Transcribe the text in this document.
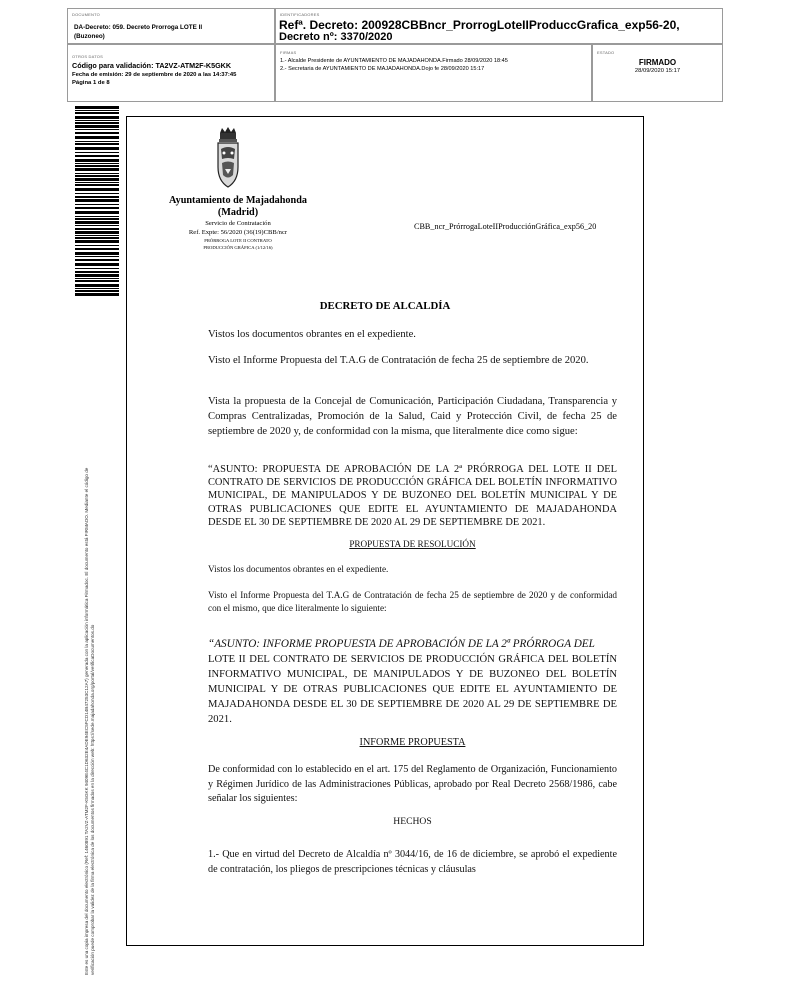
DOCUMENTO
DA-Decreto: 059. Decreto Prorroga LOTE II
(Buzoneo)
IDENTIFICADORES
Refª. Decreto: 200928CBBncr_ProrrogLoteIIProduccGrafica_exp56-20,
Decreto nº: 3370/2020
OTROS DATOS
Código para validación: TA2VZ-ATM2F-K5GKK
Fecha de emisión: 29 de septiembre de 2020 a las 14:37:45
Página 1 de 8
FIRMAS
1.- Alcalde Presidente de AYUNTAMIENTO DE MAJADAHONDA.Firmado 28/09/2020 18:45
2.- Secretaria de AYUNTAMIENTO DE MAJADAHONDA.Dojo fe 28/09/2020 15:17
ESTADO
FIRMADO
28/09/2020 15:17
Este es una copia impresa del documento electrónico (Ref: 1460891 TA2VZ-ATM2F-K5GKK 9409E4C1D632E4ADE94EC5FCD14B47253C12A7) generada con la aplicación informática Firmadoc. El documento está FIRMADO. Mediante el código de verificación puede comprobar la validez de la firma electrónica de los documentos firmados en la dirección web: https://sede.majadahonda.org/portal/verificaDocumentos.do
Ayuntamiento de Majadahonda
(Madrid)
Servicio de Contratación
Ref. Expte: 56/2020 (36(19)CBB/ncr
PRÓRROGA LOTE II CONTRATO
PRODUCCIÓN GRÁFICA (1/12/16)
CBB_ncr_PrórrogaLoteIIProducciónGráfica_exp56_20
DECRETO DE ALCALDÍA
Vistos los documentos obrantes en el expediente.
Visto el Informe Propuesta del T.A.G de Contratación de fecha 25 de septiembre de 2020.
Vista la propuesta de la Concejal de Comunicación, Participación Ciudadana, Transparencia y Compras Centralizadas, Promoción de la Salud, Caid y Protección Civil, de fecha 25 de septiembre de 2020 y, de conformidad con la misma, que literalmente dice como sigue:
“ASUNTO: PROPUESTA DE APROBACIÓN DE LA 2ª PRÓRROGA DEL LOTE II DEL CONTRATO DE SERVICIOS DE PRODUCCIÓN GRÁFICA DEL BOLETÍN INFORMATIVO MUNICIPAL, DE MANIPULADOS Y DE BUZONEO DEL BOLETÍN MUNICIPAL Y DE OTRAS PUBLICACIONES QUE EDITE EL AYUNTAMIENTO DE MAJADAHONDA DESDE EL 30 DE SEPTIEMBRE DE 2020 AL 29 DE SEPTIEMBRE DE 2021.
PROPUESTA DE RESOLUCIÓN
Vistos los documentos obrantes en el expediente.
Visto el Informe Propuesta del T.A.G de Contratación de fecha 25 de septiembre de 2020 y de conformidad con el mismo, que dice literalmente lo siguiente:
“ASUNTO: INFORME PROPUESTA DE APROBACIÓN DE LA 2ª PRÓRROGA DEL
LOTE II DEL CONTRATO DE SERVICIOS DE PRODUCCIÓN GRÁFICA DEL BOLETÍN INFORMATIVO MUNICIPAL, DE MANIPULADOS Y DE BUZONEO DEL BOLETÍN MUNICIPAL Y DE OTRAS PUBLICACIONES QUE EDITE EL AYUNTAMIENTO DE MAJADAHONDA DESDE EL 30 DE SEPTIEMBRE DE 2020 AL 29 DE SEPTIEMBRE DE 2021.
INFORME PROPUESTA
De conformidad con lo establecido en el art. 175 del Reglamento de Organización, Funcionamiento y Régimen Jurídico de las Administraciones Públicas, aprobado por Real Decreto 2568/1986, cabe señalar los siguientes:
HECHOS
1.- Que en virtud del Decreto de Alcaldía nº 3044/16, de 16 de diciembre, se aprobó el expediente de contratación, los pliegos de prescripciones técnicas y cláusulas
